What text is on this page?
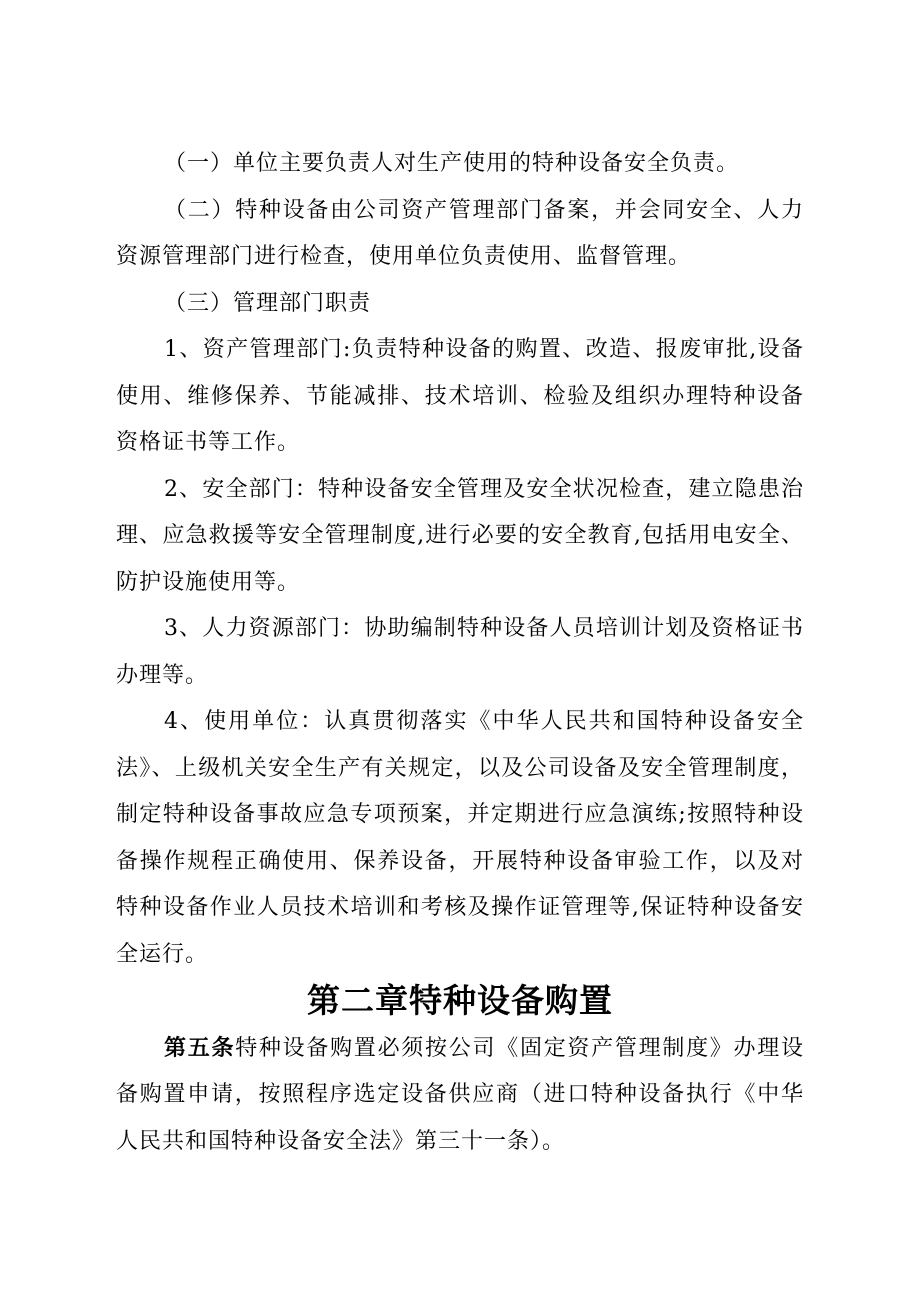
（一）单位主要负责人对生产使用的特种设备安全负责。

（二）特种设备由公司资产管理部门备案，并会同安全、人力资源管理部门进行检查，使用单位负责使用、监督管理。

（三）管理部门职责

1、资产管理部门:负责特种设备的购置、改造、报废审批,设备使用、维修保养、节能减排、技术培训、检验及组织办理特种设备资格证书等工作。

2、安全部门：特种设备安全管理及安全状况检查，建立隐患治理、应急救援等安全管理制度,进行必要的安全教育,包括用电安全、防护设施使用等。

3、人力资源部门：协助编制特种设备人员培训计划及资格证书办理等。

4、使用单位：认真贯彻落实《中华人民共和国特种设备安全法》、上级机关安全生产有关规定，以及公司设备及安全管理制度，制定特种设备事故应急专项预案，并定期进行应急演练;按照特种设备操作规程正确使用、保养设备，开展特种设备审验工作，以及对特种设备作业人员技术培训和考核及操作证管理等,保证特种设备安全运行。

第二章特种设备购置

第五条特种设备购置必须按公司《固定资产管理制度》办理设备购置申请，按照程序选定设备供应商（进口特种设备执行《中华人民共和国特种设备安全法》第三十一条）。
